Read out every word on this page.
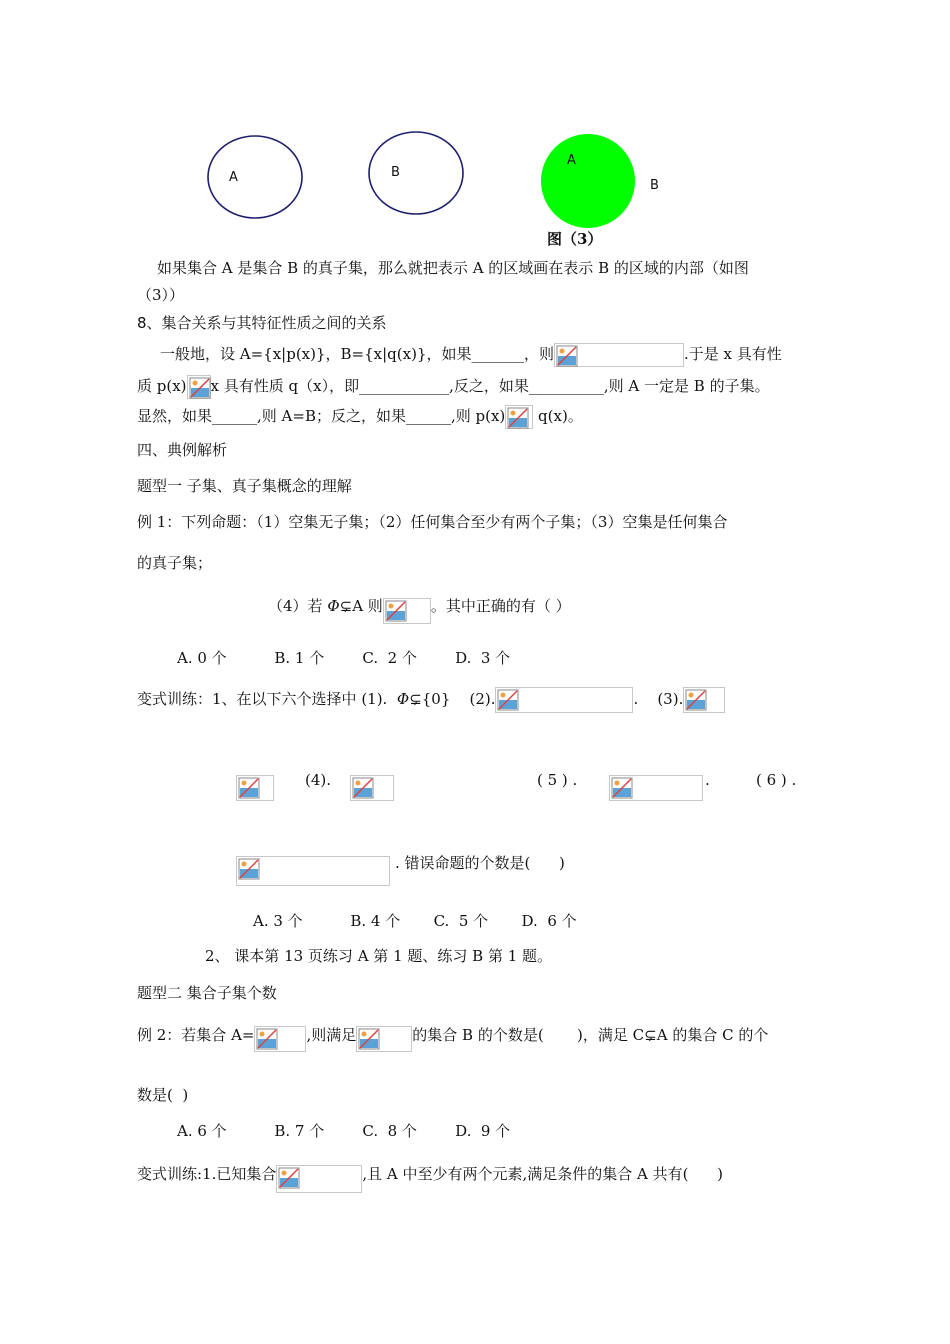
A	B
A
B
图（3）
如果集合 A 是集合 B 的真子集，那么就把表示 A 的区域画在表示 B 的区域的内部（如图
（3））
8、集合关系与其特征性质之间的关系
一般地，设 A={x|p(x)}，B={x|q(x)}，如果_______，则	.于是 x 具有性
质 p(x) x 具有性质 q（x），即____________,反之，如果__________,则 A 一定是 B 的子集。
显然，如果______,则 A=B；反之，如果______,则 p(x) q(x)。
四、典例解析
题型一 子集、真子集概念的理解
例 1：下列命题：（1）空集无子集；（2）任何集合至少有两个子集；（3）空集是任何集合
的真子集；
（4）若 Φ⊊A 则	。其中正确的有（ ）
A. 0 个          B. 1 个        C.  2 个        D.  3 个
变式训练：1、在以下六个选择中 (1).  Φ⊊{0}    (2).	.    (3).
(4).	( 5 ) .	.	( 6 ) .
. 错误命题的个数是(      )
A. 3 个          B. 4 个       C.  5 个       D.  6 个
2、 课本第 13 页练习 A 第 1 题、练习 B 第 1 题。
题型二 集合子集个数
例 2：若集合 A=	,则满足	的集合 B 的个数是(       )，满足 C⊊A 的集合 C 的个
数是(  )
A. 6 个          B. 7 个        C.  8 个        D.  9 个
变式训练:1.已知集合	,且 A 中至少有两个元素,满足条件的集合 A 共有(      )
